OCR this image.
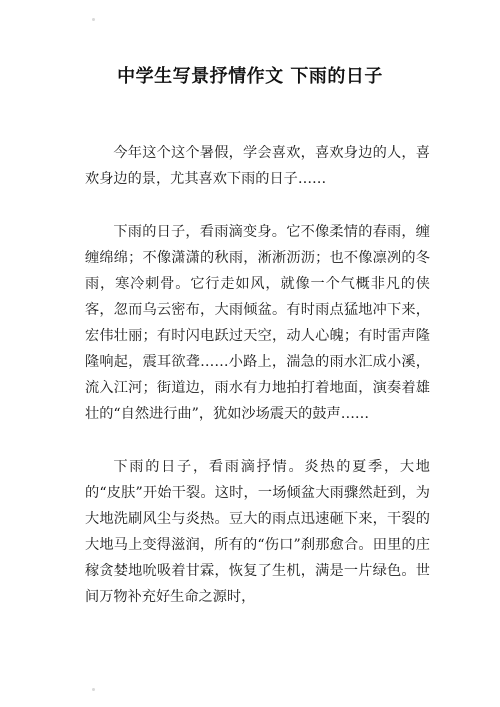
中学生写景抒情作文 下雨的日子

今年这个这个暑假，学会喜欢，喜欢身边的人，喜欢身边的景，尤其喜欢下雨的日子……

下雨的日子，看雨滴变身。它不像柔情的春雨，缠缠绵绵；不像潇潇的秋雨，淅淅沥沥；也不像凛冽的冬雨，寒冷刺骨。它行走如风，就像一个气概非凡的侠客，忽而乌云密布，大雨倾盆。有时雨点猛地冲下来，宏伟壮丽；有时闪电跃过天空，动人心魄；有时雷声隆隆响起，震耳欲聋……小路上，湍急的雨水汇成小溪，流入江河；街道边，雨水有力地拍打着地面，演奏着雄壮的“自然进行曲”，犹如沙场震天的鼓声……

下雨的日子，看雨滴抒情。炎热的夏季，大地的“皮肤”开始干裂。这时，一场倾盆大雨骤然赶到，为大地洗刷风尘与炎热。豆大的雨点迅速砸下来，干裂的大地马上变得滋润，所有的“伤口”刹那愈合。田里的庄稼贪婪地吮吸着甘霖，恢复了生机，满是一片绿色。世间万物补充好生命之源时，
